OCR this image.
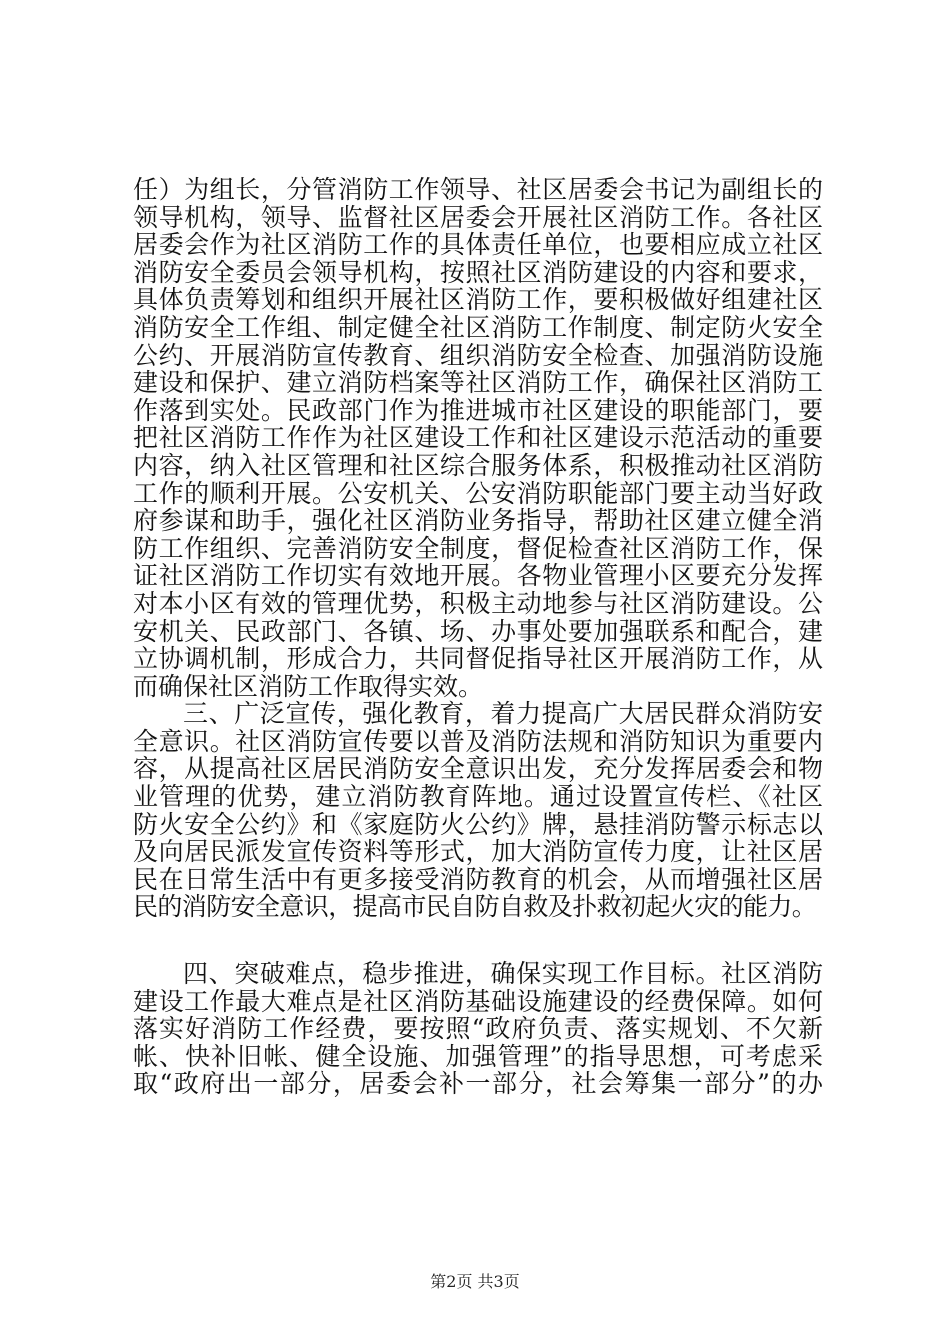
任）为组长，分管消防工作领导、社区居委会书记为副组长的
领导机构，领导、监督社区居委会开展社区消防工作。各社区
居委会作为社区消防工作的具体责任单位，也要相应成立社区
消防安全委员会领导机构，按照社区消防建设的内容和要求，
具体负责筹划和组织开展社区消防工作，要积极做好组建社区
消防安全工作组、制定健全社区消防工作制度、制定防火安全
公约、开展消防宣传教育、组织消防安全检查、加强消防设施
建设和保护、建立消防档案等社区消防工作，确保社区消防工
作落到实处。民政部门作为推进城市社区建设的职能部门，要
把社区消防工作作为社区建设工作和社区建设示范活动的重要
内容，纳入社区管理和社区综合服务体系，积极推动社区消防
工作的顺利开展。公安机关、公安消防职能部门要主动当好政
府参谋和助手，强化社区消防业务指导，帮助社区建立健全消
防工作组织、完善消防安全制度，督促检查社区消防工作，保
证社区消防工作切实有效地开展。各物业管理小区要充分发挥
对本小区有效的管理优势，积极主动地参与社区消防建设。公
安机关、民政部门、各镇、场、办事处要加强联系和配合，建
立协调机制，形成合力，共同督促指导社区开展消防工作，从
而确保社区消防工作取得实效。
三、广泛宣传，强化教育，着力提高广大居民群众消防安
全意识。社区消防宣传要以普及消防法规和消防知识为重要内
容，从提高社区居民消防安全意识出发，充分发挥居委会和物
业管理的优势，建立消防教育阵地。通过设置宣传栏、《社区
防火安全公约》和《家庭防火公约》牌，悬挂消防警示标志以
及向居民派发宣传资料等形式，加大消防宣传力度，让社区居
民在日常生活中有更多接受消防教育的机会，从而增强社区居
民的消防安全意识，提高市民自防自救及扑救初起火灾的能力。
四、突破难点，稳步推进，确保实现工作目标。社区消防
建设工作最大难点是社区消防基础设施建设的经费保障。如何
落实好消防工作经费，要按照“政府负责、落实规划、不欠新
帐、快补旧帐、健全设施、加强管理”的指导思想，可考虑采
取“政府出一部分，居委会补一部分，社会筹集一部分”的办
第2页 共3页
